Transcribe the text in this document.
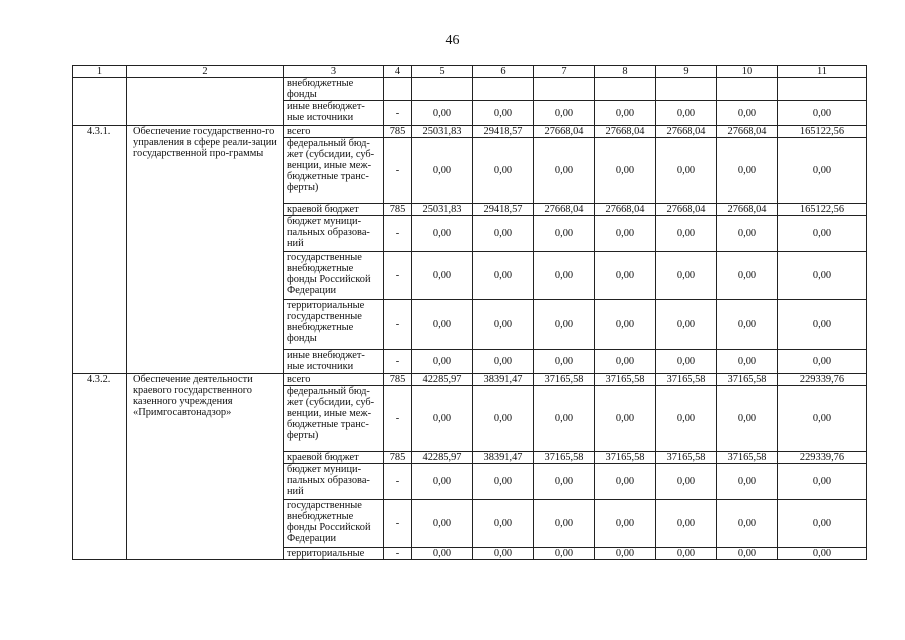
46
1	2	3	4	5	6	7	8	9	10	11
		внебюджетные фонды								
		иные внебюджет-ные источники	-	0,00	0,00	0,00	0,00	0,00	0,00	0,00
4.3.1.	Обеспечение государственно-го управления в сфере реали-зации государственной про-граммы	всего	785	25031,83	29418,57	27668,04	27668,04	27668,04	27668,04	165122,56
		федеральный бюд-жет (субсидии, суб-венции, иные меж-бюджетные транс-ферты)	-	0,00	0,00	0,00	0,00	0,00	0,00	0,00
		краевой бюджет	785	25031,83	29418,57	27668,04	27668,04	27668,04	27668,04	165122,56
		бюджет муници-пальных образова-ний	-	0,00	0,00	0,00	0,00	0,00	0,00	0,00
		государственные внебюджетные фонды Российской Федерации	-	0,00	0,00	0,00	0,00	0,00	0,00	0,00
		территориальные государственные внебюджетные фонды	-	0,00	0,00	0,00	0,00	0,00	0,00	0,00
		иные внебюджет-ные источники	-	0,00	0,00	0,00	0,00	0,00	0,00	0,00
4.3.2.	Обеспечение деятельности краевого государственного казенного учреждения «Примгосавтонадзор»	всего	785	42285,97	38391,47	37165,58	37165,58	37165,58	37165,58	229339,76
		федеральный бюд-жет (субсидии, суб-венции, иные меж-бюджетные транс-ферты)	-	0,00	0,00	0,00	0,00	0,00	0,00	0,00
		краевой бюджет	785	42285,97	38391,47	37165,58	37165,58	37165,58	37165,58	229339,76
		бюджет муници-пальных образова-ний	-	0,00	0,00	0,00	0,00	0,00	0,00	0,00
		государственные внебюджетные фонды Российской Федерации	-	0,00	0,00	0,00	0,00	0,00	0,00	0,00
		территориальные	-	0,00	0,00	0,00	0,00	0,00	0,00	0,00
